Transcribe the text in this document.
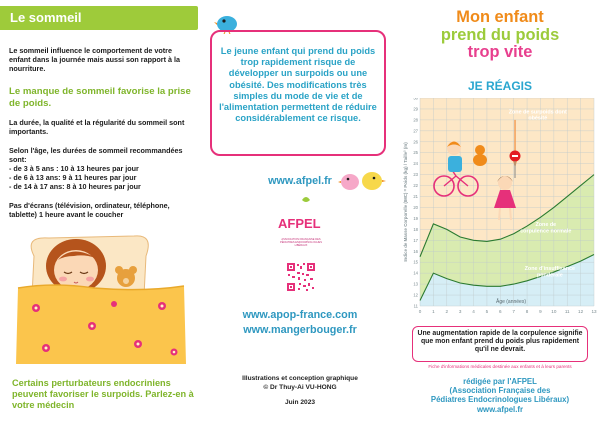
Le sommeil

Le sommeil influence le comportement de votre enfant dans la journée mais aussi son rapport à la nourriture.

Le manque de sommeil favorise la prise de poids.

La durée, la qualité et la régularité du sommeil sont importants.

Selon l'âge, les durées de sommeil recommandées sont:

- de 3 à 5 ans : 10 à 13 heures par jour
- de 6 à 13 ans: 9 à 11 heures par jour
- de 14 à 17 ans: 8 à 10 heures par jour

Pas d'écrans (télévision, ordinateur, téléphone, tablette) 1 heure avant le coucher

Certains perturbateurs endocriniens peuvent favoriser le surpoids. Parlez-en à votre médecin

Le jeune enfant qui prend du poids trop rapidement risque de développer un surpoids ou une obésité. Des modifications très simples du mode de vie et de l'alimentation permettent de réduire considérablement ce risque.
www.afpel.fr
AFPEL
ASSOCIATION FRANÇAISE DES PÉDIATRES ENDOCRINOLOGUES LIBÉRAUX
www.apop-france.com
www.mangerbouger.fr
Illustrations et conception graphique
© Dr Thuy-Ai VU-HONG
Juin 2023
Mon enfant
prend du poids
trop vite
JE RÉAGIS
11
12
13
14
15
16
17
18
19
20
21
22
23
24
25
26
27
28
29
30
0 1 2 3 4 5 6 7 8 9 10 11 12 13
Indice de Masse Corporelle (IMC) = Poids (kg) / Taille² (m)
Âge (années)
Zone de surpoids dont
obésité
Zone de
corpulence normale
Zone d'insuffisance
pondérale
Une augmentation rapide de la corpulence signifie que mon enfant prend du poids plus rapidement qu'il ne devrait.
Fiche d'informations médicales destinée aux enfants et à leurs parents
rédigée par l'AFPEL
(Association Française des
Pédiatres Endocrinologues Libéraux)
www.afpel.fr
